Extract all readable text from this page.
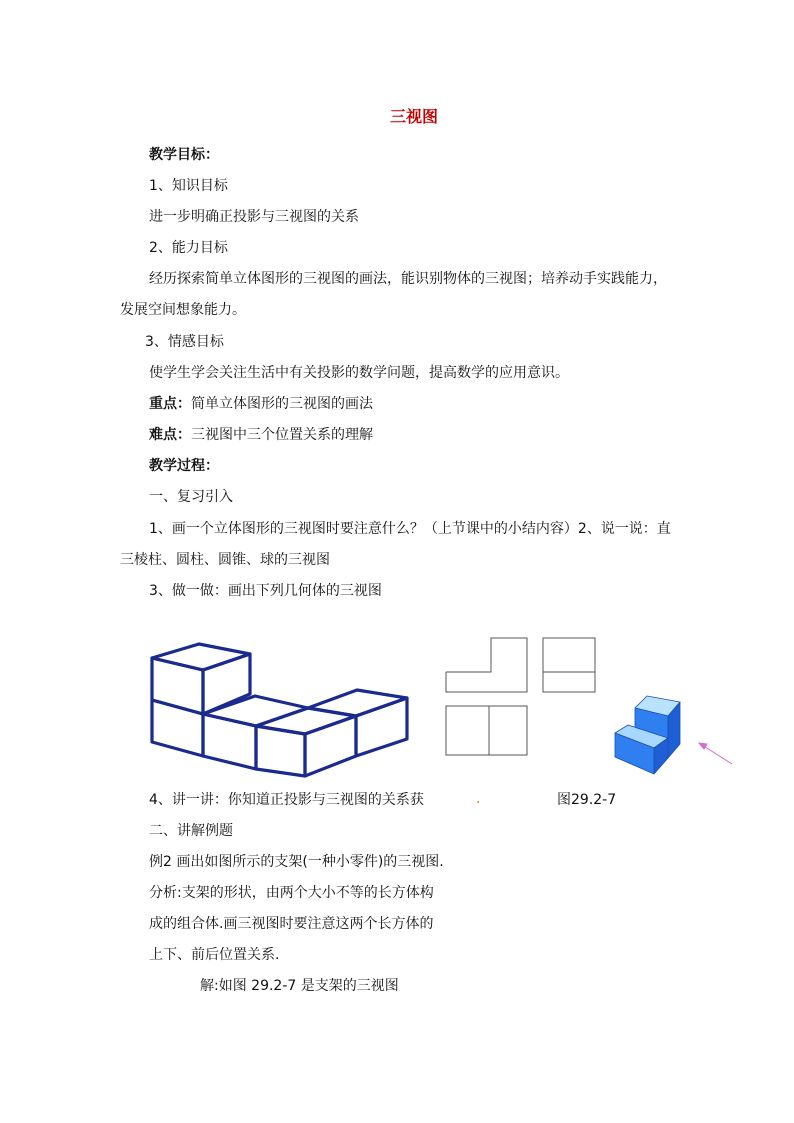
三视图
教学目标：
1、知识目标
进一步明确正投影与三视图的关系
2、能力目标
经历探索简单立体图形的三视图的画法，能识别物体的三视图；培养动手实践能力，
发展空间想象能力。
3、情感目标
使学生学会关注生活中有关投影的数学问题，提高数学的应用意识。
重点：简单立体图形的三视图的画法
难点：三视图中三个位置关系的理解
教学过程：
一、复习引入
1、画一个立体图形的三视图时要注意什么？（上节课中的小结内容）2、说一说：直
三棱柱、圆柱、圆锥、球的三视图
3、做一做：画出下列几何体的三视图
4、讲一讲：你知道正投影与三视图的关系获	.	图29.2-7
二、讲解例题
例2 画出如图所示的支架(一种小零件)的三视图.
分析:支架的形状，由两个大小不等的长方体构
成的组合体.画三视图时要注意这两个长方体的
上下、前后位置关系.
解:如图 29.2-7 是支架的三视图
